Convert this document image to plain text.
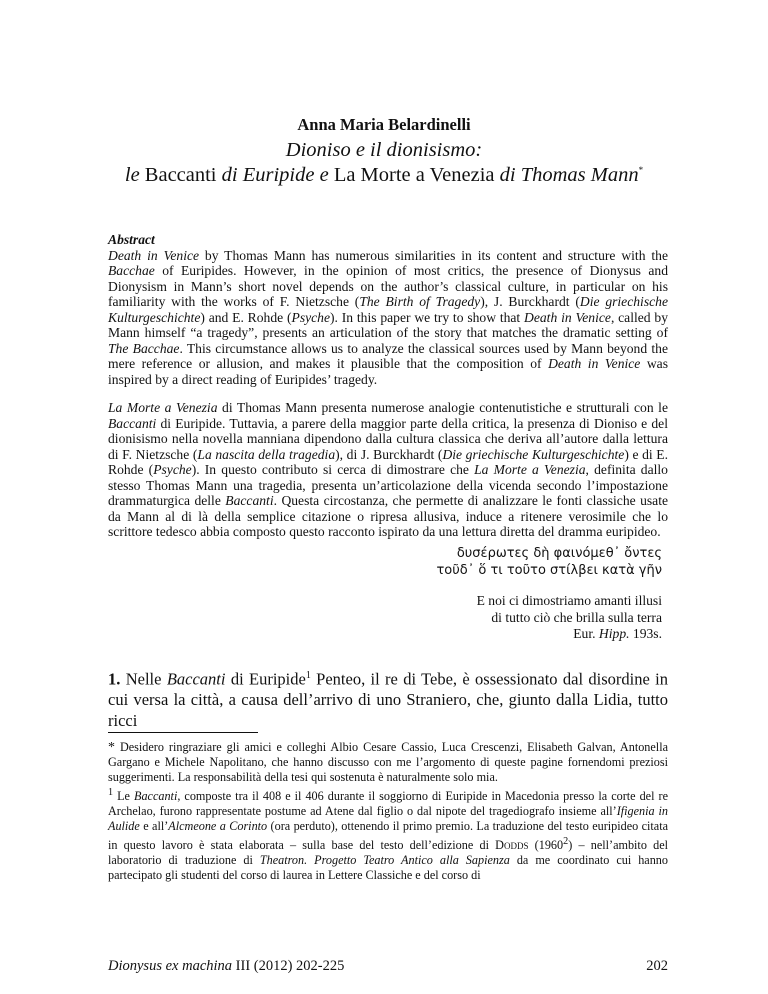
Anna Maria Belardinelli
Dioniso e il dionisismo:
le Baccanti di Euripide e La Morte a Venezia di Thomas Mann*

Abstract

Death in Venice by Thomas Mann has numerous similarities in its content and structure with the Bacchae of Euripides. However, in the opinion of most critics, the presence of Dionysus and Dionysism in Mann’s short novel depends on the author’s classical culture, in particular on his familiarity with the works of F. Nietzsche (The Birth of Tragedy), J. Burckhardt (Die griechische Kulturgeschichte) and E. Rohde (Psyche). In this paper we try to show that Death in Venice, called by Mann himself “a tragedy”, presents an articulation of the story that matches the dramatic setting of The Bacchae. This circumstance allows us to analyze the classical sources used by Mann beyond the mere reference or allusion, and makes it plausible that the composition of Death in Venice was inspired by a direct reading of Euripides’ tragedy.

La Morte a Venezia di Thomas Mann presenta numerose analogie contenutistiche e strutturali con le Baccanti di Euripide. Tuttavia, a parere della maggior parte della critica, la presenza di Dioniso e del dionisismo nella novella manniana dipendono dalla cultura classica che deriva all’autore dalla lettura di F. Nietzsche (La nascita della tragedia), di J. Burckhardt (Die griechische Kulturgeschichte) e di E. Rohde (Psyche). In questo contributo si cerca di dimostrare che La Morte a Venezia, definita dallo stesso Thomas Mann una tragedia, presenta un’articolazione della vicenda secondo l’impostazione drammaturgica delle Baccanti. Questa circostanza, che permette di analizzare le fonti classiche usate da Mann al di là della semplice citazione o ripresa allusiva, induce a ritenere verosimile che lo scrittore tedesco abbia composto questo racconto ispirato da una lettura diretta del dramma euripideo.

δυσέρωτες δὴ φαινόμεθ᾽ ὄντες
τοῦδ᾽ ὅ τι τοῦτο στίλβει κατὰ γῆν
E noi ci dimostriamo amanti illusi
di tutto ciò che brilla sulla terra
Eur. Hipp. 193s.
1. Nelle Baccanti di Euripide$^1$ Penteo, il re di Tebe, è ossessionato dal disordine in cui versa la città, a causa dell’arrivo di uno Straniero, che, giunto dalla Lidia, tutto ricci

* Desidero ringraziare gli amici e colleghi Albio Cesare Cassio, Luca Crescenzi, Elisabeth Galvan, Antonella Gargano e Michele Napolitano, che hanno discusso con me l’argomento di queste pagine fornendomi preziosi suggerimenti. La responsabilità della tesi qui sostenuta è naturalmente solo mia.

$^1$ Le Baccanti, composte tra il 408 e il 406 durante il soggiorno di Euripide in Macedonia presso la corte del re Archelao, furono rappresentate postume ad Atene dal figlio o dal nipote del tragediografo insieme all’Ifigenia in Aulide e all’Alcmeone a Corinto (ora perduto), ottenendo il primo premio. La traduzione del testo euripideo citata in questo lavoro è stata elaborata – sulla base del testo dell’edizione di Dodds (1960$^2$) – nell’ambito del laboratorio di traduzione di Theatron. Progetto Teatro Antico alla Sapienza da me coordinato cui hanno partecipato gli studenti del corso di laurea in Lettere Classiche e del corso di

Dionysus ex machina III (2012) 202-225	202
